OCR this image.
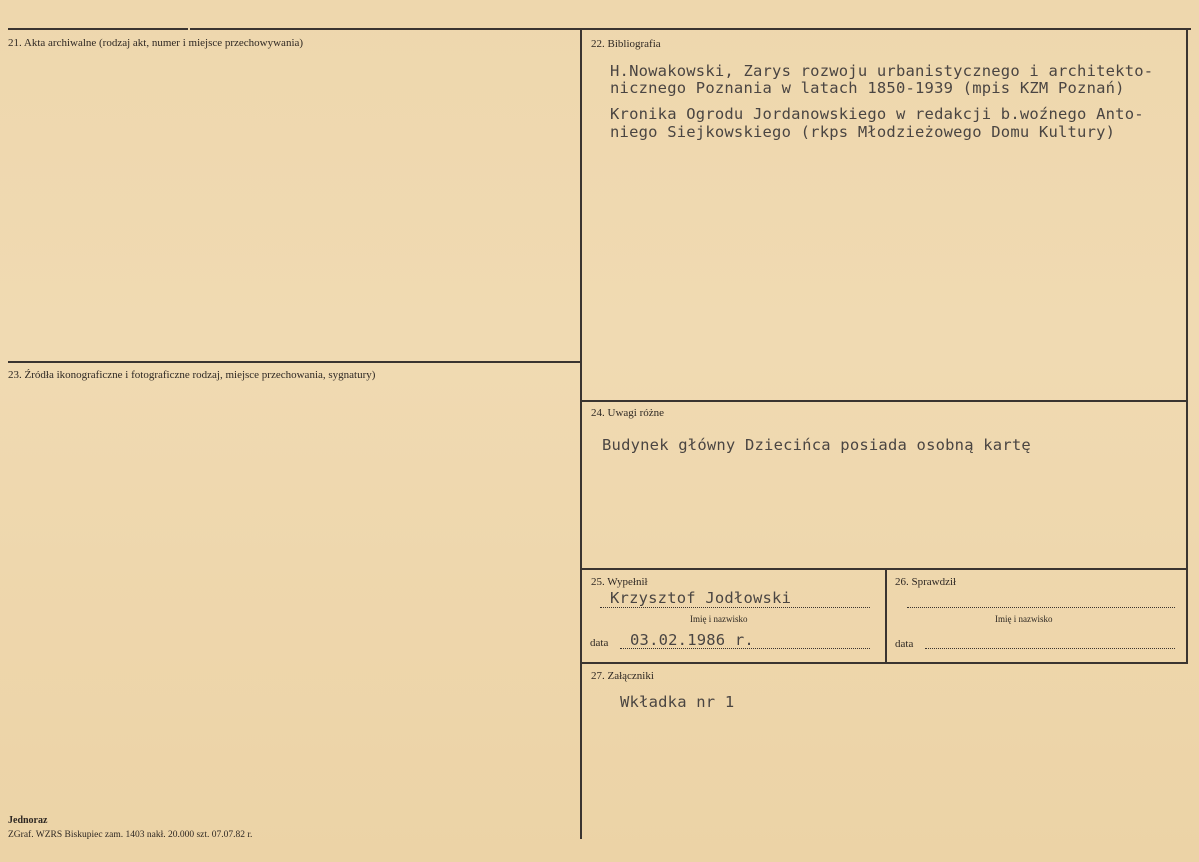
21. Akta archiwalne (rodzaj akt, numer i miejsce przechowywania)	22. Bibliografia
H.Nowakowski, Zarys rozwoju urbanistycznego i architekto-
nicznego Poznania w latach 1850-1939 (mpis KZM Poznań)
Kronika Ogrodu Jordanowskiego w redakcji b.woźnego Anto-
niego Siejkowskiego (rkps Młodzieżowego Domu Kultury)
23. Źródła ikonograficzne i fotograficzne rodzaj, miejsce przechowania, sygnatury)
24. Uwagi różne
Budynek główny Dziecińca posiada osobną kartę
25. Wypełnił
Krzysztof Jodłowski
Imię i nazwisko
data 03.02.1986 r.
26. Sprawdził
Imię i nazwisko
data
27. Załączniki
Wkładka nr 1
Jednoraz
ZGraf. WZRS Biskupiec zam. 1403 nakł. 20.000 szt. 07.07.82 r.
